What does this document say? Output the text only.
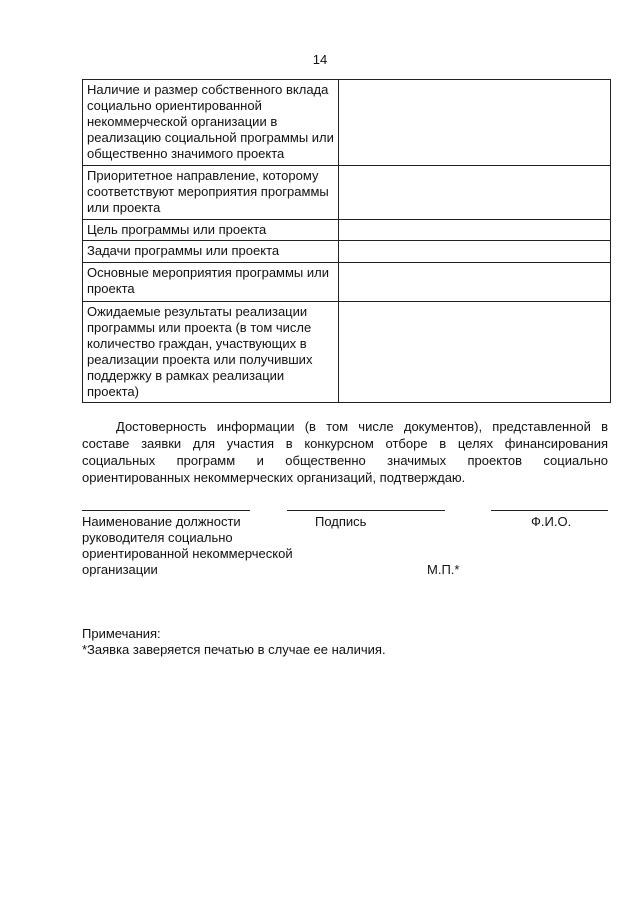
14
Наличие и размер собственного вклада социально ориентированной некоммерческой организации в реализацию социальной программы или общественно значимого проекта	
Приоритетное направление, которому соответствуют мероприятия программы или проекта	
Цель программы или проекта	
Задачи программы или проекта	
Основные мероприятия программы или проекта	
Ожидаемые результаты реализации программы или проекта (в том числе количество граждан, участвующих в реализации проекта или получивших поддержку в рамках реализации проекта)	
Достоверность информации (в том числе документов), представленной в составе заявки для участия в конкурсном отборе в целях финансирования социальных программ и общественно значимых проектов социально ориентированных некоммерческих организаций, подтверждаю.
Наименование должности
руководителя социально
ориентированной некоммерческой
организации
Подпись	Ф.И.О.
М.П.*
Примечания:
*Заявка заверяется печатью в случае ее наличия.
